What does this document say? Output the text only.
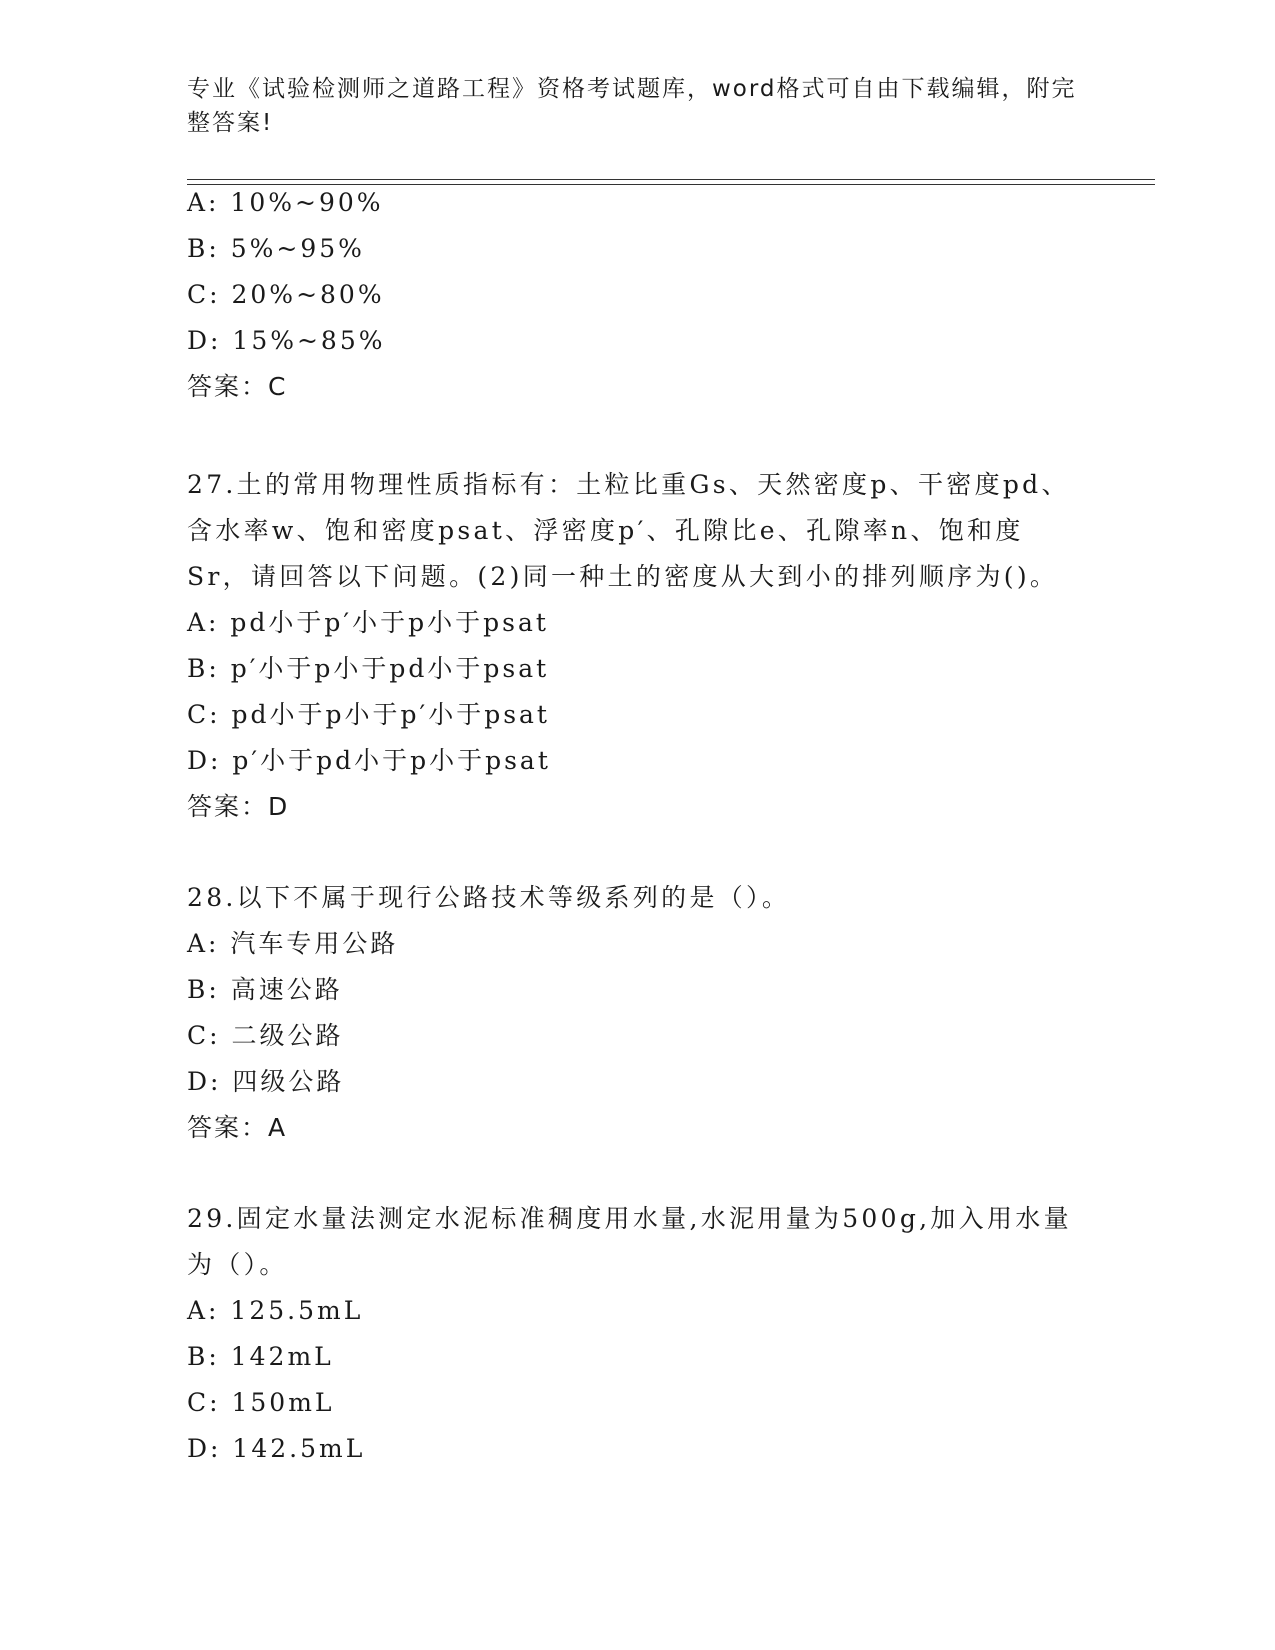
专业《试验检测师之道路工程》资格考试题库，word格式可自由下载编辑，附完
整答案!
A: 10%~90%
B: 5%~95%
C: 20%~80%
D: 15%~85%
答案：C
27.土的常用物理性质指标有：土粒比重Gs、天然密度p、干密度pd、
含水率w、饱和密度psat、浮密度p′、孔隙比e、孔隙率n、饱和度
Sr，请回答以下问题。(2)同一种土的密度从大到小的排列顺序为()。
A: pd小于p′小于p小于psat
B: p′小于p小于pd小于psat
C: pd小于p小于p′小于psat
D: p′小于pd小于p小于psat
答案：D
28.以下不属于现行公路技术等级系列的是（）。
A: 汽车专用公路
B: 高速公路
C: 二级公路
D: 四级公路
答案：A
29.固定水量法测定水泥标准稠度用水量,水泥用量为500g,加入用水量
为（）。
A: 125.5mL
B: 142mL
C: 150mL
D: 142.5mL
